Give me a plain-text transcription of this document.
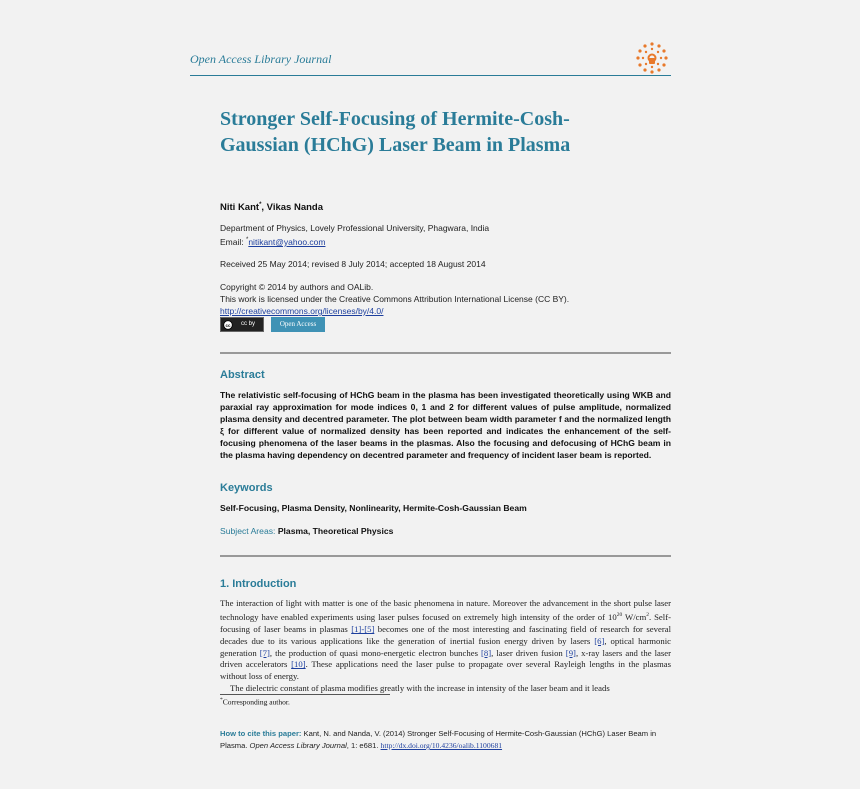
Open Access Library Journal
Stronger Self-Focusing of Hermite-Cosh-Gaussian (HChG) Laser Beam in Plasma
Niti Kant*, Vikas Nanda
Department of Physics, Lovely Professional University, Phagwara, India
Email: *nitikant@yahoo.com
Received 25 May 2014; revised 8 July 2014; accepted 18 August 2014
Copyright © 2014 by authors and OALib.
This work is licensed under the Creative Commons Attribution International License (CC BY).
http://creativecommons.org/licenses/by/4.0/
cc cc by	Open Access
Abstract
The relativistic self-focusing of HChG beam in the plasma has been investigated theoretically using WKB and paraxial ray approximation for mode indices 0, 1 and 2 for different values of pulse amplitude, normalized plasma density and decentred parameter. The plot between beam width parameter f and the normalized length ξ for different value of normalized density has been reported and indicates the enhancement of the self-focusing phenomena of the laser beams in the plasmas. Also the focusing and defocusing of HChG beam in the plasma having dependency on decentred parameter and frequency of incident laser beam is reported.
Keywords
Self-Focusing, Plasma Density, Nonlinearity, Hermite-Cosh-Gaussian Beam
Subject Areas: Plasma, Theoretical Physics
1. Introduction

The interaction of light with matter is one of the basic phenomena in nature. Moreover the advancement in the short pulse laser technology have enabled experiments using laser pulses focused on extremely high intensity of the order of $10^{20}$ $W/cm^2$. Self-focusing of laser beams in plasmas [1]-[5] becomes one of the most interesting and fascinating field of research for several decades due to its various applications like the generation of inertial fusion energy driven by lasers [6], optical harmonic generation [7], the production of quasi mono-energetic electron bunches [8], laser driven fusion [9], x-ray lasers and the laser driven accelerators [10]. These applications need the laser pulse to propagate over several Rayleigh lengths in the plasmas without loss of energy.

The dielectric constant of plasma modifies greatly with the increase in intensity of the laser beam and it leads

*Corresponding author.
How to cite this paper: Kant, N. and Nanda, V. (2014) Stronger Self-Focusing of Hermite-Cosh-Gaussian (HChG) Laser Beam in Plasma. Open Access Library Journal, 1: e681. http://dx.doi.org/10.4236/oalib.1100681
